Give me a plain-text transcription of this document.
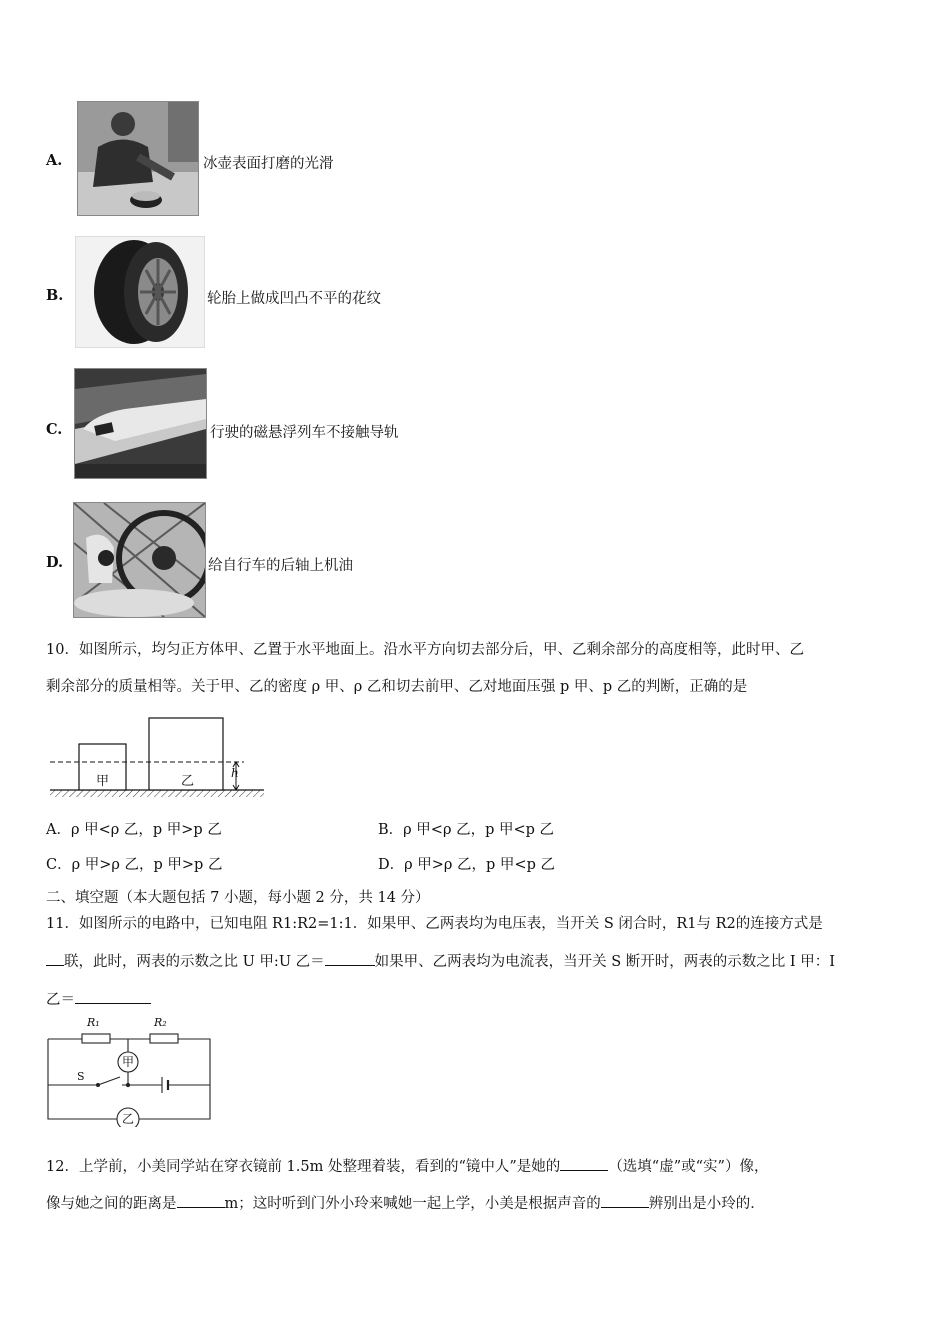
A.	冰壶表面打磨的光滑
B.	轮胎上做成凹凸不平的花纹
C.	行驶的磁悬浮列车不接触导轨
D.	给自行车的后轴上机油
10．如图所示，均匀正方体甲、乙置于水平地面上。沿水平方向切去部分后，甲、乙剩余部分的高度相等，此时甲、乙
剩余部分的质量相等。关于甲、乙的密度 ρ 甲、ρ 乙和切去前甲、乙对地面压强 p 甲、p 乙的判断，正确的是
甲	乙
h
A．ρ 甲<ρ 乙，p 甲>p 乙	B．ρ 甲<ρ 乙，p 甲<p 乙
C．ρ 甲>ρ 乙，p 甲>p 乙	D．ρ 甲>ρ 乙，p 甲<p 乙
二、填空题（本大题包括 7 小题，每小题 2 分，共 14 分）
11．如图所示的电路中，已知电阻 R1:R2=1:1．如果甲、乙两表均为电压表，当开关 S 闭合时，R1与 R2的连接方式是
联，此时，两表的示数之比 U 甲:U 乙＝	如果甲、乙两表均为电流表，当开关 S 断开时，两表的示数之比 I 甲：I
乙＝
R₁	R₂
甲
S
乙
12．上学前，小美同学站在穿衣镜前 1.5m 处整理着装，看到的“镜中人”是她的	（选填“虚”或“实”）像，
像与她之间的距离是	m；这时听到门外小玲来喊她一起上学，小美是根据声音的	辨别出是小玲的．
